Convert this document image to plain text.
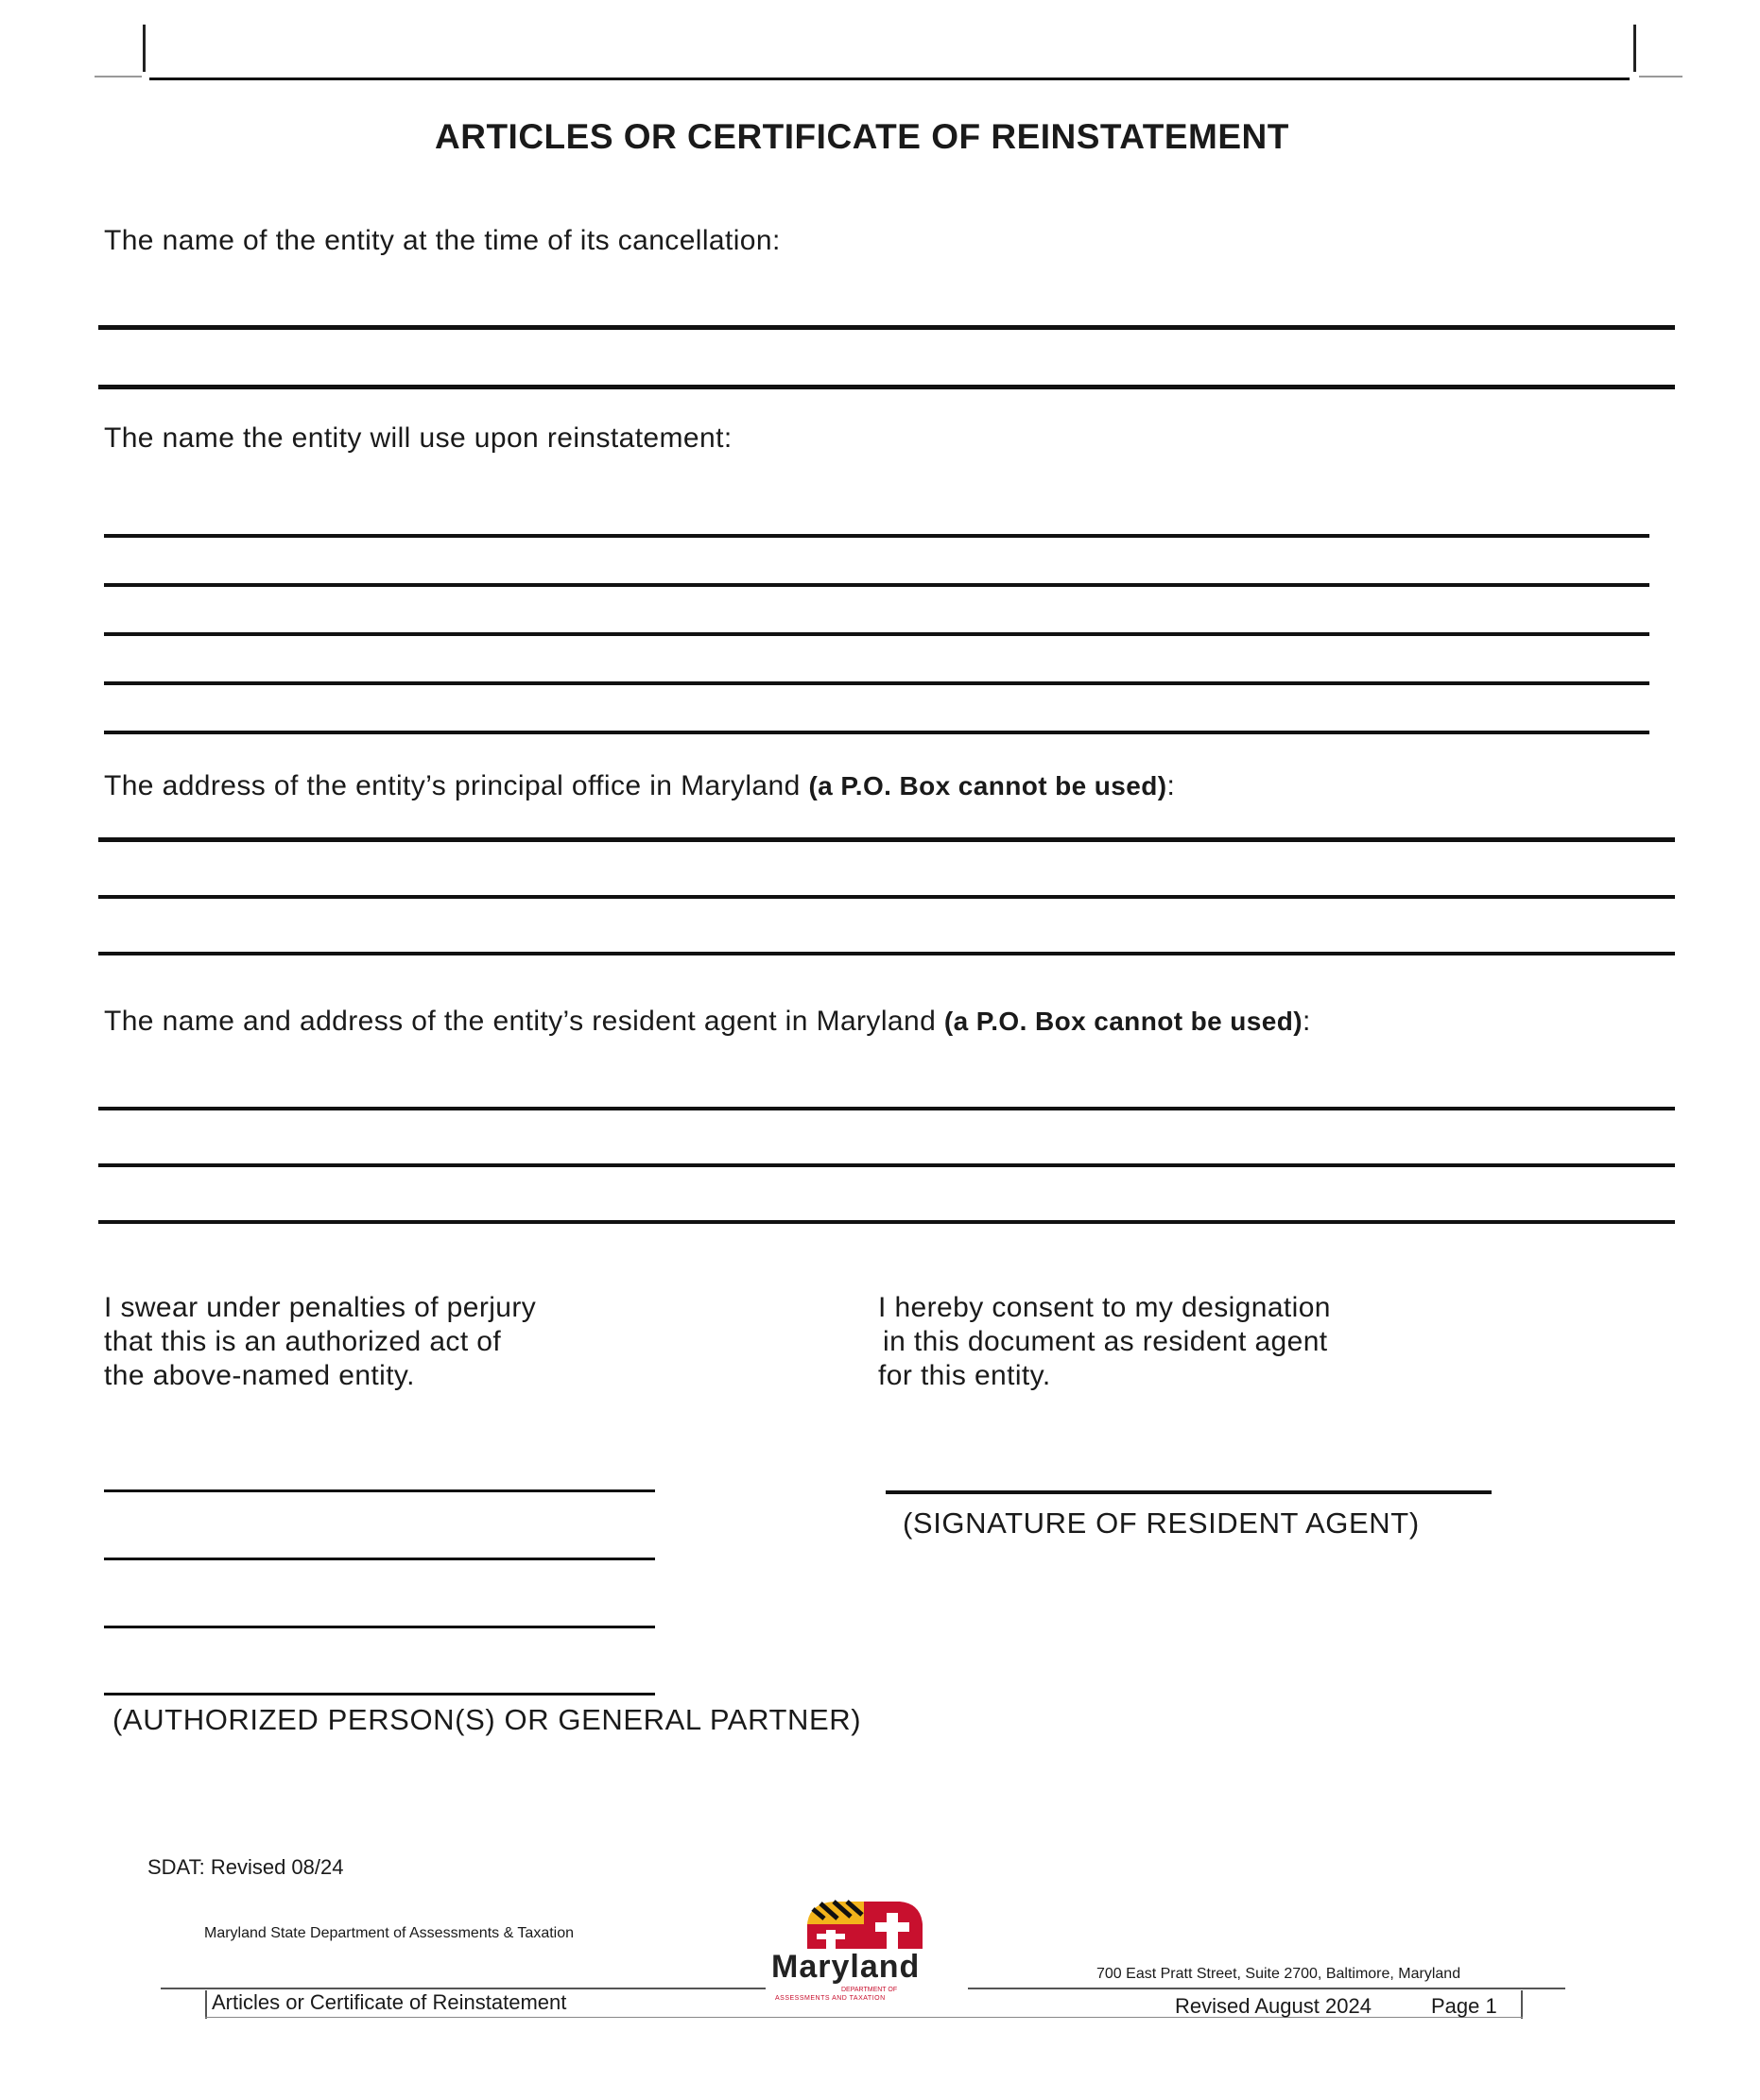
ARTICLES OR CERTIFICATE OF REINSTATEMENT
The name of the entity at the time of its cancellation:
The name the entity will use upon reinstatement:
The address of the entity’s principal office in Maryland (a P.O. Box cannot be used):
The name and address of the entity’s resident agent in Maryland (a P.O. Box cannot be used):
I swear under penalties of perjury
that this is an authorized act of
the above-named entity.
I hereby consent to my designation
in this document as resident agent
for this entity.
(AUTHORIZED PERSON(S) OR GENERAL PARTNER)
(SIGNATURE OF RESIDENT AGENT)
SDAT: Revised 08/24
Maryland State Department of Assessments & Taxation
700 East Pratt Street, Suite 2700, Baltimore, Maryland
Articles or Certificate of Reinstatement	Revised August 2024	Page 1
Maryland
DEPARTMENT OF
ASSESSMENTS AND TAXATION
